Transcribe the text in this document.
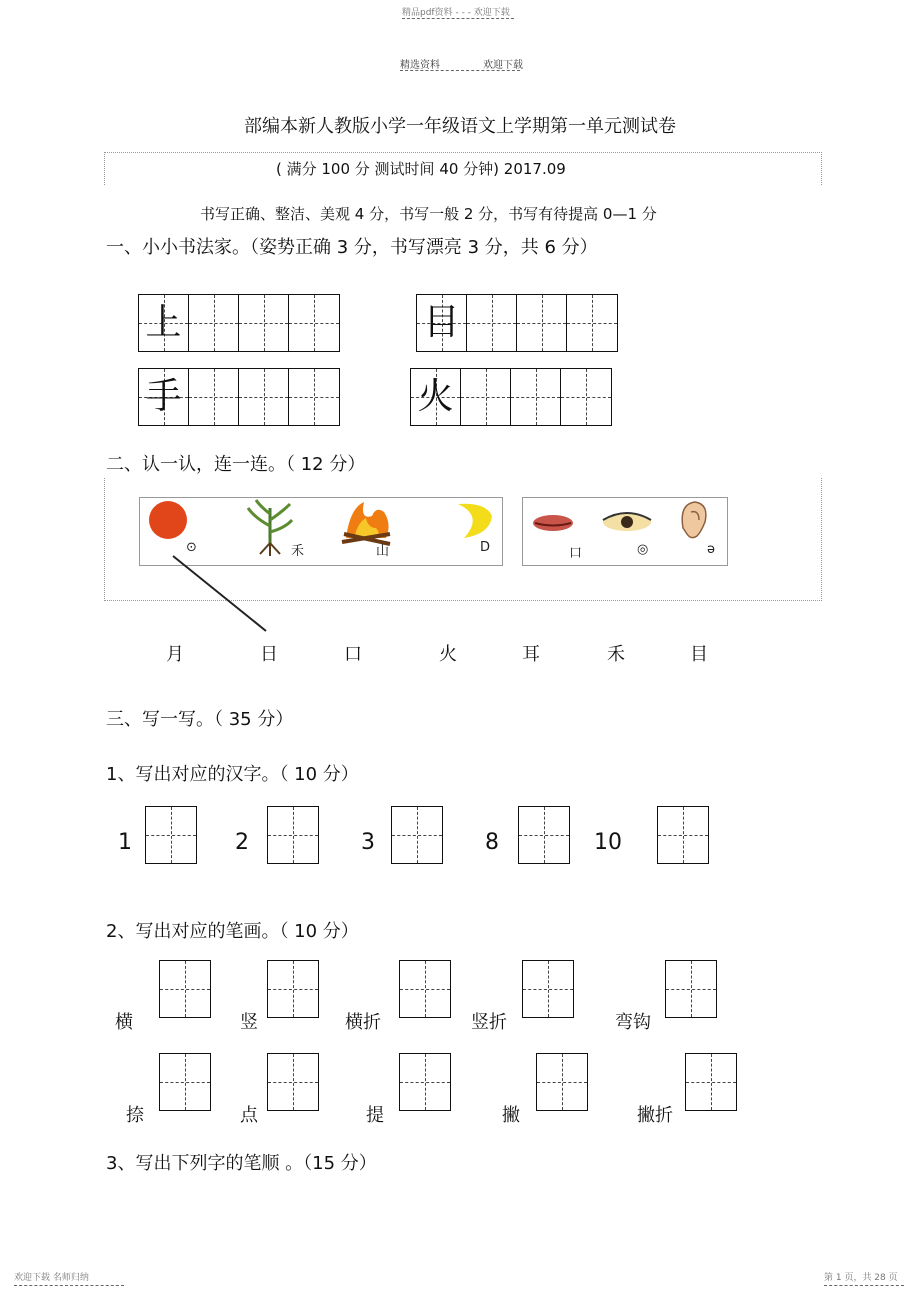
精品pdf资料 - - - 欢迎下载
精选资料	欢迎下载
部编本新人教版小学一年级语文上学期第一单元测试卷
( 满分 100 分 测试时间 40 分钟) 2017.09
书写正确、整洁、美观 4 分，书写一般 2 分，书写有待提高 0—1 分
一、小小书法家。（姿势正确 3 分，书写漂亮 3 分，共 6 分）
上	目
手	火
二、认一认，连一连。（ 12 分）
⊙	禾	山	D	口	◎	ǝ
月	日	口	火	耳	禾	目
三、写一写。（ 35 分）
1、写出对应的汉字。（ 10 分）
1	2	3	8	10
2、写出对应的笔画。（ 10 分）
横	竖	横折	竖折	弯钩
捺	点	提	撇	撇折
3、写出下列字的笔顺 。（15 分）
欢迎下载 名师归纳	第 1 页，共 28 页
